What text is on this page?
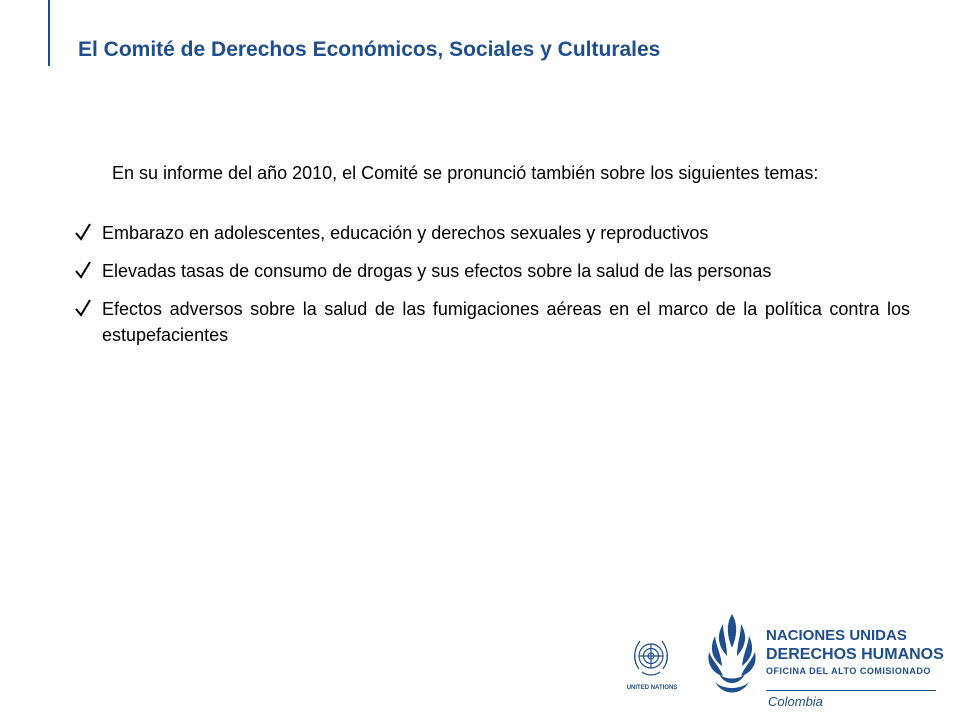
El Comité de Derechos Económicos, Sociales y Culturales

En su informe del año 2010, el Comité se pronunció también sobre los siguientes temas:

Embarazo en adolescentes, educación y derechos sexuales y reproductivos
Elevadas tasas de consumo de drogas y sus efectos sobre la salud de las personas
Efectos adversos sobre la salud de las fumigaciones aéreas en el marco de la política contra los estupefacientes
UNITED NATIONS
NACIONES UNIDAS
DERECHOS HUMANOS
OFICINA DEL ALTO COMISIONADO
Colombia
